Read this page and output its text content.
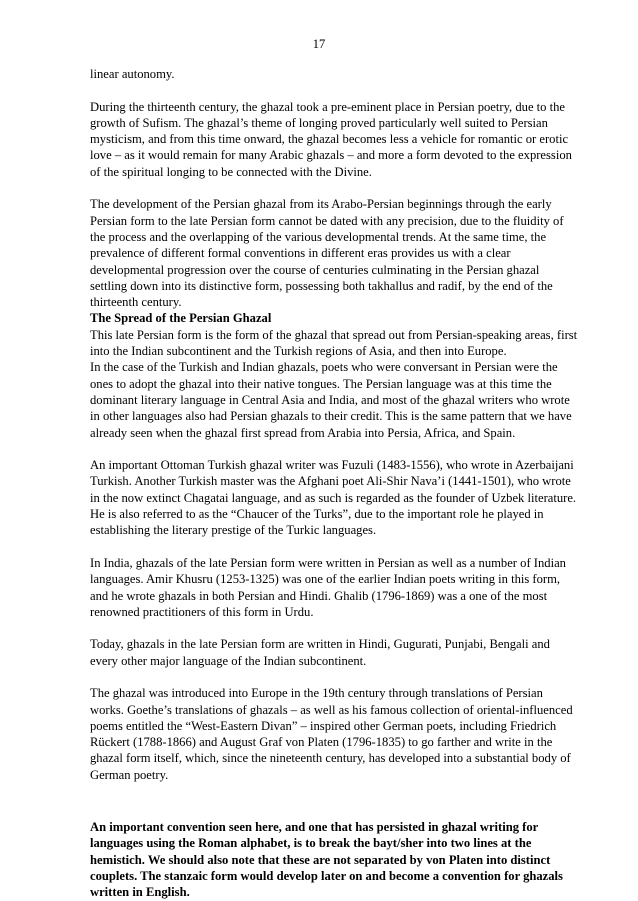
17

linear autonomy.

During the thirteenth century, the ghazal took a pre-eminent place in Persian poetry, due to the growth of Sufism. The ghazal’s theme of longing proved particularly well suited to Persian mysticism, and from this time onward, the ghazal becomes less a vehicle for romantic or erotic love – as it would remain for many Arabic ghazals – and more a form devoted to the expression of the spiritual longing to be connected with the Divine.

The development of the Persian ghazal from its Arabo-Persian beginnings through the early Persian form to the late Persian form cannot be dated with any precision, due to the fluidity of the process and the overlapping of the various developmental trends. At the same time, the prevalence of different formal conventions in different eras provides us with a clear developmental progression over the course of centuries culminating in the Persian ghazal settling down into its distinctive form, possessing both takhallus and radif, by the end of the thirteenth century.

The Spread of the Persian Ghazal

This late Persian form is the form of the ghazal that spread out from Persian-speaking areas, first into the Indian subcontinent and the Turkish regions of Asia, and then into Europe.

In the case of the Turkish and Indian ghazals, poets who were conversant in Persian were the ones to adopt the ghazal into their native tongues. The Persian language was at this time the dominant literary language in Central Asia and India, and most of the ghazal writers who wrote in other languages also had Persian ghazals to their credit. This is the same pattern that we have already seen when the ghazal first spread from Arabia into Persia, Africa, and Spain.

An important Ottoman Turkish ghazal writer was Fuzuli (1483-1556), who wrote in Azerbaijani Turkish. Another Turkish master was the Afghani poet Ali-Shir Nava’i (1441-1501), who wrote in the now extinct Chagatai language, and as such is regarded as the founder of Uzbek literature. He is also referred to as the “Chaucer of the Turks”, due to the important role he played in establishing the literary prestige of the Turkic languages.

In India, ghazals of the late Persian form were written in Persian as well as a number of Indian languages. Amir Khusru (1253-1325) was one of the earlier Indian poets writing in this form, and he wrote ghazals in both Persian and Hindi. Ghalib (1796-1869) was a one of the most renowned practitioners of this form in Urdu.

Today, ghazals in the late Persian form are written in Hindi, Gugurati, Punjabi, Bengali and every other major language of the Indian subcontinent.

The ghazal was introduced into Europe in the 19th century through translations of Persian works. Goethe’s translations of ghazals – as well as his famous collection of oriental-influenced poems entitled the “West-Eastern Divan” – inspired other German poets, including Friedrich Rückert (1788-1866) and August Graf von Platen (1796-1835) to go farther and write in the ghazal form itself, which, since the nineteenth century, has developed into a substantial body of German poetry.

An important convention seen here, and one that has persisted in ghazal writing for languages using the Roman alphabet, is to break the bayt/sher into two lines at the hemistich. We should also note that these are not separated by von Platen into distinct couplets. The stanzaic form would develop later on and become a convention for ghazals written in English.
